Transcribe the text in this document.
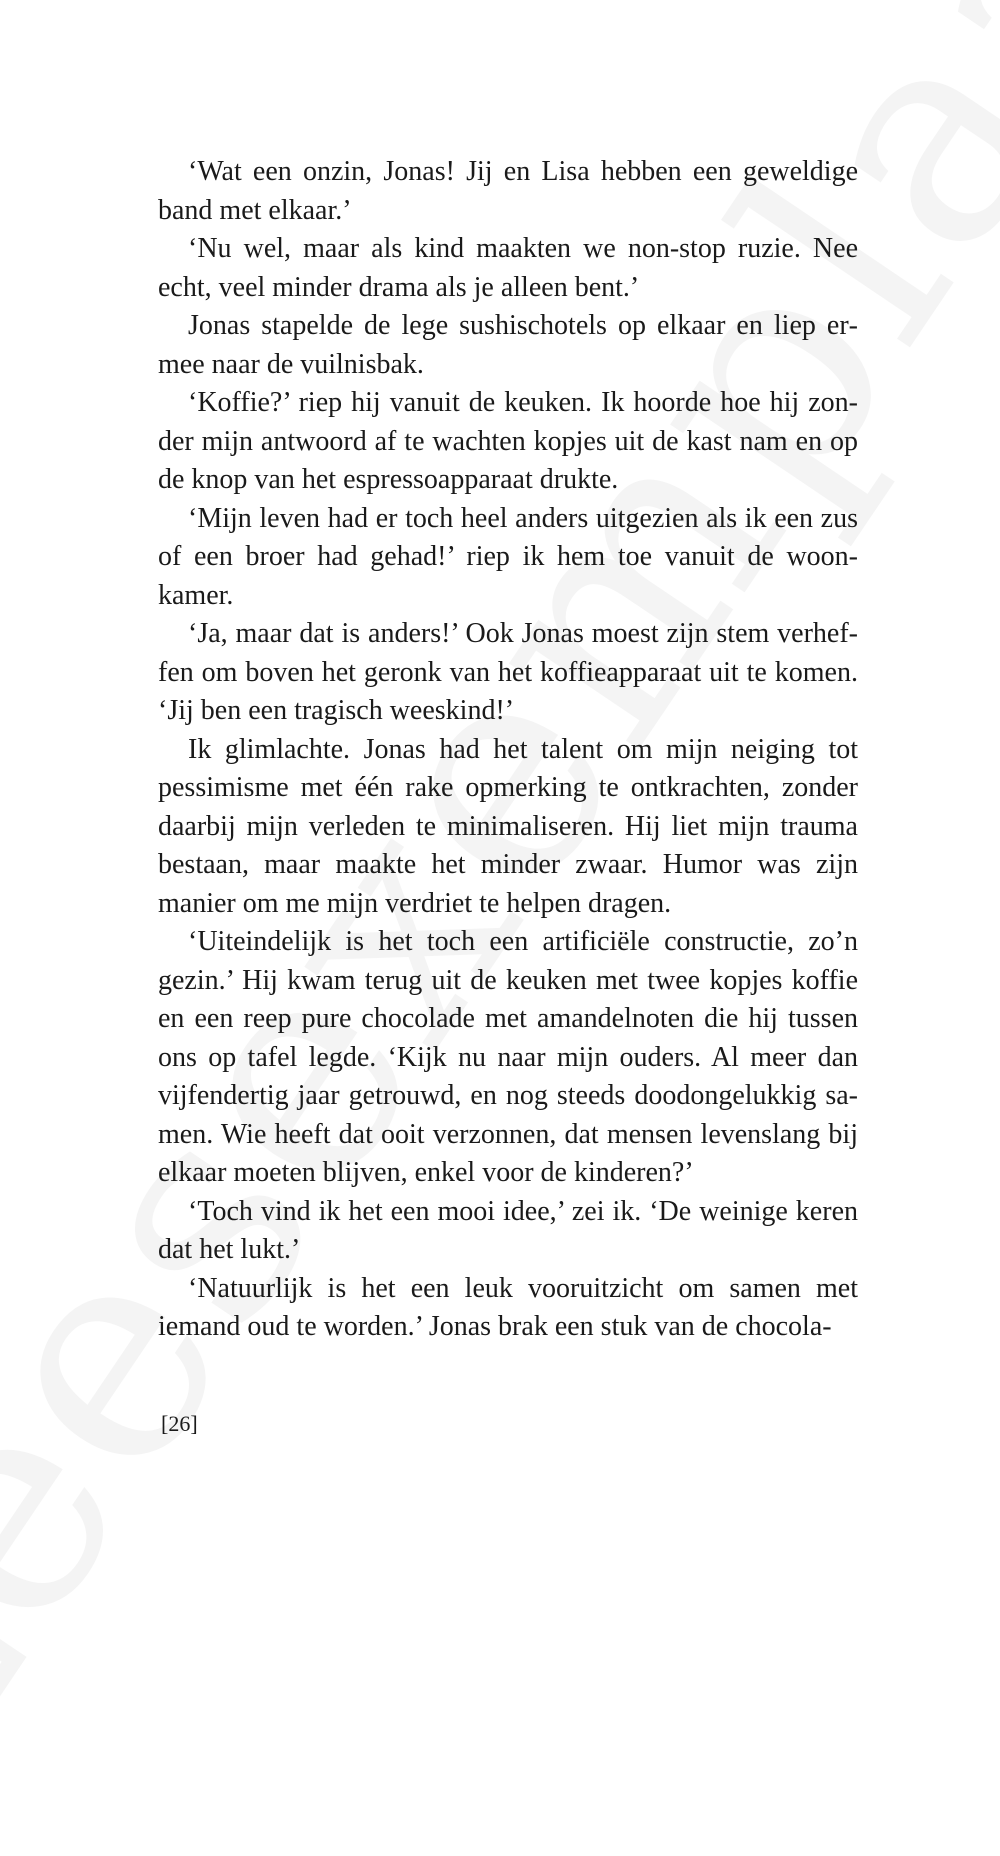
‘Wat een onzin, Jonas! Jij en Lisa hebben een geweldige band met elkaar.’

‘Nu wel, maar als kind maakten we non-stop ruzie. Nee echt, veel minder drama als je alleen bent.’

Jonas stapelde de lege sushischotels op elkaar en liep ermee naar de vuilnisbak.

‘Koffie?’ riep hij vanuit de keuken. Ik hoorde hoe hij zonder mijn antwoord af te wachten kopjes uit de kast nam en op de knop van het espressoapparaat drukte.

‘Mijn leven had er toch heel anders uitgezien als ik een zus of een broer had gehad!’ riep ik hem toe vanuit de woonkamer.

‘Ja, maar dat is anders!’ Ook Jonas moest zijn stem verheffen om boven het geronk van het koffieapparaat uit te komen. ‘Jij ben een tragisch weeskind!’

Ik glimlachte. Jonas had het talent om mijn neiging tot pessimisme met één rake opmerking te ontkrachten, zonder daarbij mijn verleden te minimaliseren. Hij liet mijn trauma bestaan, maar maakte het minder zwaar. Humor was zijn manier om me mijn verdriet te helpen dragen.

‘Uiteindelijk is het toch een artificiële constructie, zo’n gezin.’ Hij kwam terug uit de keuken met twee kopjes koffie en een reep pure chocolade met amandelnoten die hij tussen ons op tafel legde. ‘Kijk nu naar mijn ouders. Al meer dan vijfendertig jaar getrouwd, en nog steeds doodongelukkig samen. Wie heeft dat ooit verzonnen, dat mensen levenslang bij elkaar moeten blijven, enkel voor de kinderen?’

‘Toch vind ik het een mooi idee,’ zei ik. ‘De weinige keren dat het lukt.’

‘Natuurlijk is het een leuk vooruitzicht om samen met iemand oud te worden.’ Jonas brak een stuk van de chocola-

[26]
